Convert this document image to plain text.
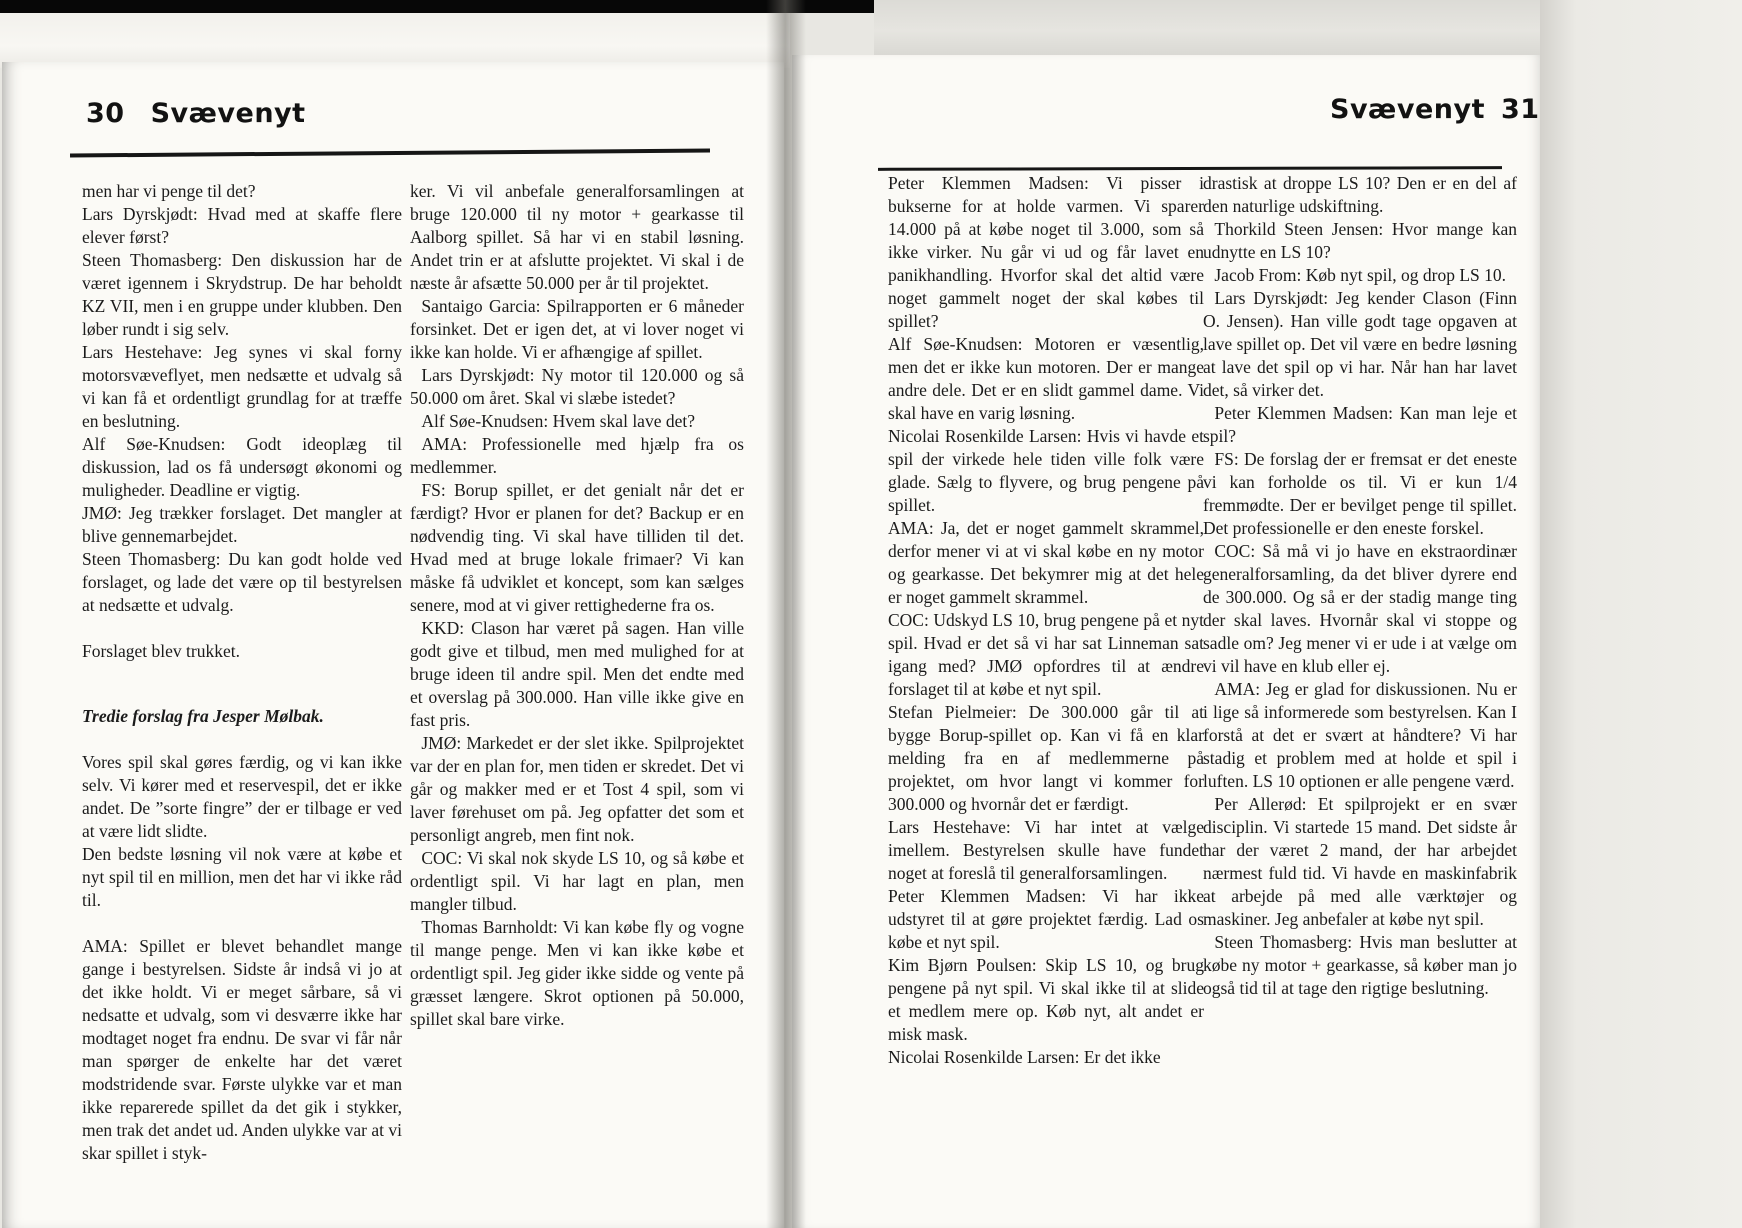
30 Svævenyt	Svævenyt 31

men har vi penge til det?

Lars Dyrskjødt: Hvad med at skaffe flere elever først?

Steen Thomasberg: Den diskussion har de været igennem i Skrydstrup. De har beholdt KZ VII, men i en gruppe under klubben. Den løber rundt i sig selv.

Lars Hestehave: Jeg synes vi skal forny motorsvæveflyet, men nedsætte et udvalg så vi kan få et ordentligt grundlag for at træffe en beslutning.

Alf Søe-Knudsen: Godt ideoplæg til diskussion, lad os få undersøgt økonomi og muligheder. Deadline er vigtig.

JMØ: Jeg trækker forslaget. Det mangler at blive gennemarbejdet.

Steen Thomasberg: Du kan godt holde ved forslaget, og lade det være op til bestyrelsen at nedsætte et udvalg.

Forslaget blev trukket.

Tredie forslag fra Jesper Mølbak.

Vores spil skal gøres færdig, og vi kan ikke selv. Vi kører med et reservespil, det er ikke andet. De ”sorte fingre” der er tilbage er ved at være lidt slidte.

Den bedste løsning vil nok være at købe et nyt spil til en million, men det har vi ikke råd til.

AMA: Spillet er blevet behandlet mange gange i bestyrelsen. Sidste år indså vi jo at det ikke holdt. Vi er meget sårbare, så vi nedsatte et udvalg, som vi desværre ikke har modtaget noget fra endnu. De svar vi får når man spørger de enkelte har det været modstridende svar. Første ulykke var et man ikke reparerede spillet da det gik i stykker, men trak det andet ud. Anden ulykke var at vi skar spillet i styk-

ker. Vi vil anbefale generalforsamlingen at bruge 120.000 til ny motor + gearkasse til Aalborg spillet. Så har vi en stabil løsning. Andet trin er at afslutte projektet. Vi skal i de næste år afsætte 50.000 per år til projektet.

Santaigo Garcia: Spilrapporten er 6 måneder forsinket. Det er igen det, at vi lover noget vi ikke kan holde. Vi er afhængige af spillet.

Lars Dyrskjødt: Ny motor til 120.000 og så 50.000 om året. Skal vi slæbe istedet?

Alf Søe-Knudsen: Hvem skal lave det?

AMA: Professionelle med hjælp fra os medlemmer.

FS: Borup spillet, er det genialt når det er færdigt? Hvor er planen for det? Backup er en nødvendig ting. Vi skal have tilliden til det. Hvad med at bruge lokale frimaer? Vi kan måske få udviklet et koncept, som kan sælges senere, mod at vi giver rettighederne fra os.

KKD: Clason har været på sagen. Han ville godt give et tilbud, men med mulighed for at bruge ideen til andre spil. Men det endte med et overslag på 300.000. Han ville ikke give en fast pris.

JMØ: Markedet er der slet ikke. Spilprojektet var der en plan for, men tiden er skredet. Det vi går og makker med er et Tost 4 spil, som vi laver førehuset om på. Jeg opfatter det som et personligt angreb, men fint nok.

COC: Vi skal nok skyde LS 10, og så købe et ordentligt spil. Vi har lagt en plan, men mangler tilbud.

Thomas Barnholdt: Vi kan købe fly og vogne til mange penge. Men vi kan ikke købe et ordentligt spil. Jeg gider ikke sidde og vente på græsset længere. Skrot optionen på 50.000, spillet skal bare virke.

Peter Klemmen Madsen: Vi pisser i bukserne for at holde varmen. Vi sparer 14.000 på at købe noget til 3.000, som så ikke virker. Nu går vi ud og får lavet en panikhandling. Hvorfor skal det altid være noget gammelt noget der skal købes til spillet?

Alf Søe-Knudsen: Motoren er væsentlig, men det er ikke kun motoren. Der er mange andre dele. Det er en slidt gammel dame. Vi skal have en varig løsning.

Nicolai Rosenkilde Larsen: Hvis vi havde et spil der virkede hele tiden ville folk være glade. Sælg to flyvere, og brug pengene på spillet.

AMA: Ja, det er noget gammelt skrammel, derfor mener vi at vi skal købe en ny motor og gearkasse. Det bekymrer mig at det hele er noget gammelt skrammel.

COC: Udskyd LS 10, brug pengene på et nyt spil. Hvad er det så vi har sat Linneman sat igang med? JMØ opfordres til at ændre forslaget til at købe et nyt spil.

Stefan Pielmeier: De 300.000 går til at bygge Borup-spillet op. Kan vi få en klar melding fra en af medlemmerne på projektet, om hvor langt vi kommer for 300.000 og hvornår det er færdigt.

Lars Hestehave: Vi har intet at vælge imellem. Bestyrelsen skulle have fundet noget at foreslå til generalforsamlingen.

Peter Klemmen Madsen: Vi har ikke udstyret til at gøre projektet færdig. Lad os købe et nyt spil.

Kim Bjørn Poulsen: Skip LS 10, og brug pengene på nyt spil. Vi skal ikke til at slide et medlem mere op. Køb nyt, alt andet er misk mask.

Nicolai Rosenkilde Larsen: Er det ikke

drastisk at droppe LS 10? Den er en del af den naturlige udskiftning.

Thorkild Steen Jensen: Hvor mange kan udnytte en LS 10?

Jacob From: Køb nyt spil, og drop LS 10.

Lars Dyrskjødt: Jeg kender Clason (Finn O. Jensen). Han ville godt tage opgaven at lave spillet op. Det vil være en bedre løsning at lave det spil op vi har. Når han har lavet det, så virker det.

Peter Klemmen Madsen: Kan man leje et spil?

FS: De forslag der er fremsat er det eneste vi kan forholde os til. Vi er kun 1/4 fremmødte. Der er bevilget penge til spillet. Det professionelle er den eneste forskel.

COC: Så må vi jo have en ekstraordinær generalforsamling, da det bliver dyrere end de 300.000. Og så er der stadig mange ting der skal laves. Hvornår skal vi stoppe og sadle om? Jeg mener vi er ude i at vælge om vi vil have en klub eller ej.

AMA: Jeg er glad for diskussionen. Nu er i lige så informerede som bestyrelsen. Kan I forstå at det er svært at håndtere? Vi har stadig et problem med at holde et spil i luften. LS 10 optionen er alle pengene værd.

Per Allerød: Et spilprojekt er en svær disciplin. Vi startede 15 mand. Det sidste år har der været 2 mand, der har arbejdet nærmest fuld tid. Vi havde en maskinfabrik at arbejde på med alle værktøjer og maskiner. Jeg anbefaler at købe nyt spil.

Steen Thomasberg: Hvis man beslutter at købe ny motor + gearkasse, så køber man jo også tid til at tage den rigtige beslutning.
